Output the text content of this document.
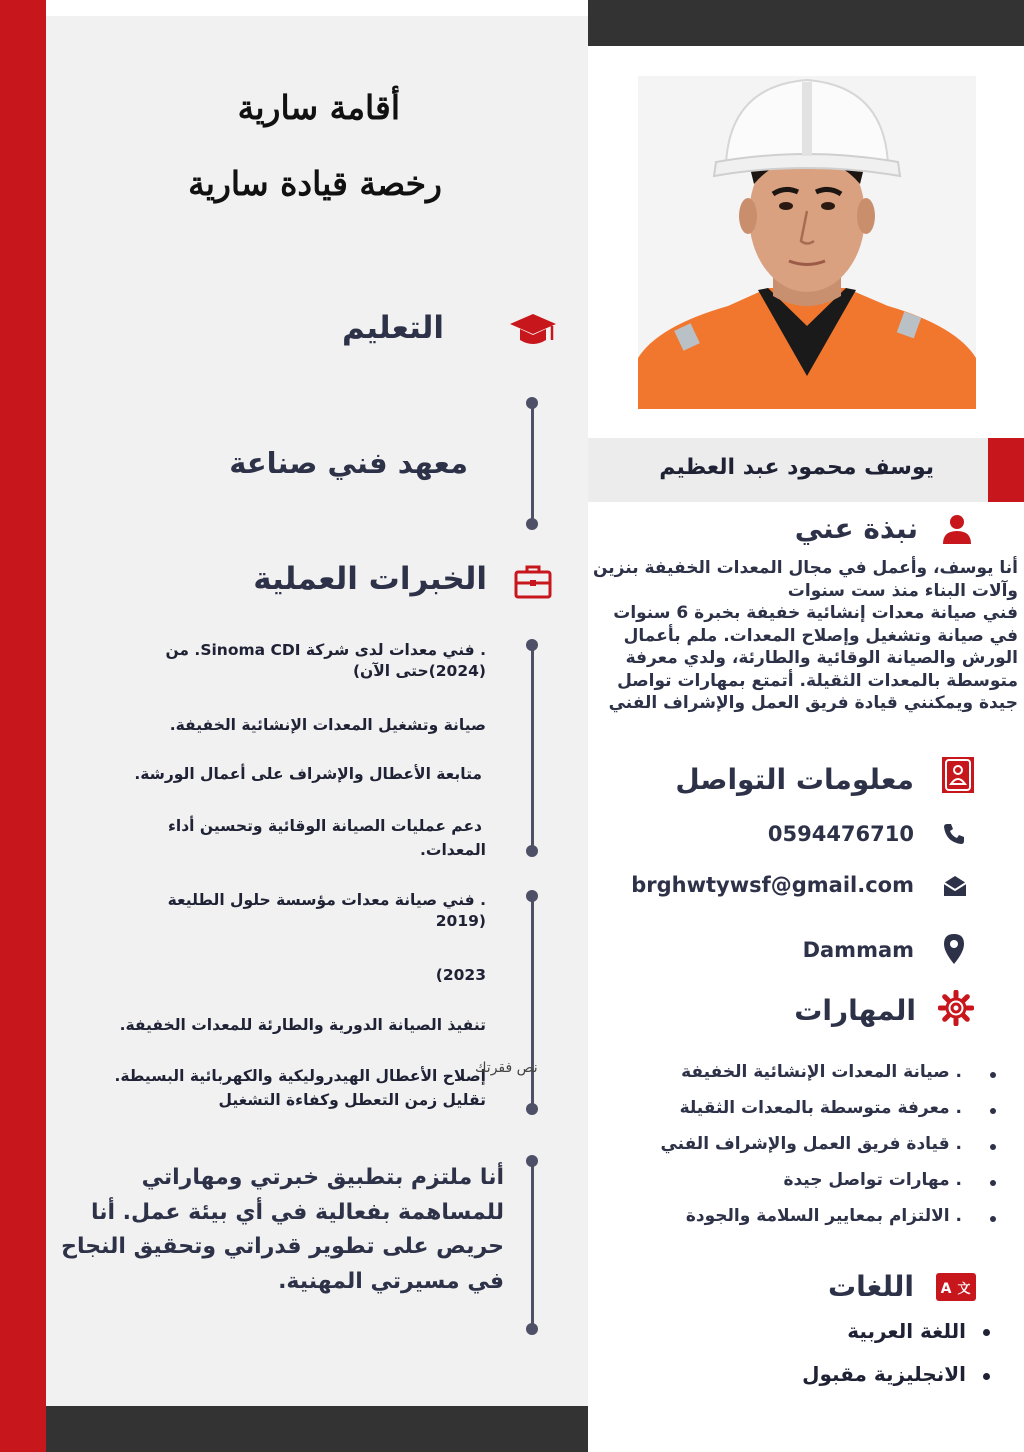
يوسف محمود عبد العظيم
نبذة عني
أنا يوسف، وأعمل في مجال المعدات الخفيفة بنزين
وآلات البناء منذ ست سنوات
فني صيانة معدات إنشائية خفيفة بخبرة 6 سنوات
في صيانة وتشغيل وإصلاح المعدات. ملم بأعمال
الورش والصيانة الوقائية والطارئة، ولدي معرفة
متوسطة بالمعدات الثقيلة. أتمتع بمهارات تواصل
جيدة ويمكنني قيادة فريق العمل والإشراف الفني
معلومات التواصل
0594476710
brghwtywsf@gmail.com
Dammam
المهارات
. صيانة المعدات الإنشائية الخفيفة
. معرفة متوسطة بالمعدات الثقيلة
. قيادة فريق العمل والإشراف الفني
. مهارات تواصل جيدة
. الالتزام بمعايير السلامة والجودة
A 文
اللغات
اللغة العربية
الانجليزية مقبول
أقامة سارية
رخصة قيادة سارية
التعليم
معهد فني صناعة
الخبرات العملية
. فني معدات لدى شركة Sinoma CDI. من
(2024)حتى الآن)
صيانة وتشغيل المعدات الإنشائية الخفيفة.
متابعة الأعطال والإشراف على أعمال الورشة.
دعم عمليات الصيانة الوقائية وتحسين أداء
المعدات.
. فني صيانة معدات مؤسسة حلول الطليعة
(2019
2023)
تنفيذ الصيانة الدورية والطارئة للمعدات الخفيفة.
إصلاح الأعطال الهيدروليكية والكهربائية البسيطة.
تقليل زمن التعطل وكفاءة التشغيل
نص فقرتك
أنا ملتزم بتطبيق خبرتي ومهاراتي للمساهمة بفعالية في أي بيئة عمل. أنا حريص على تطوير قدراتي وتحقيق النجاح في مسيرتي المهنية.
